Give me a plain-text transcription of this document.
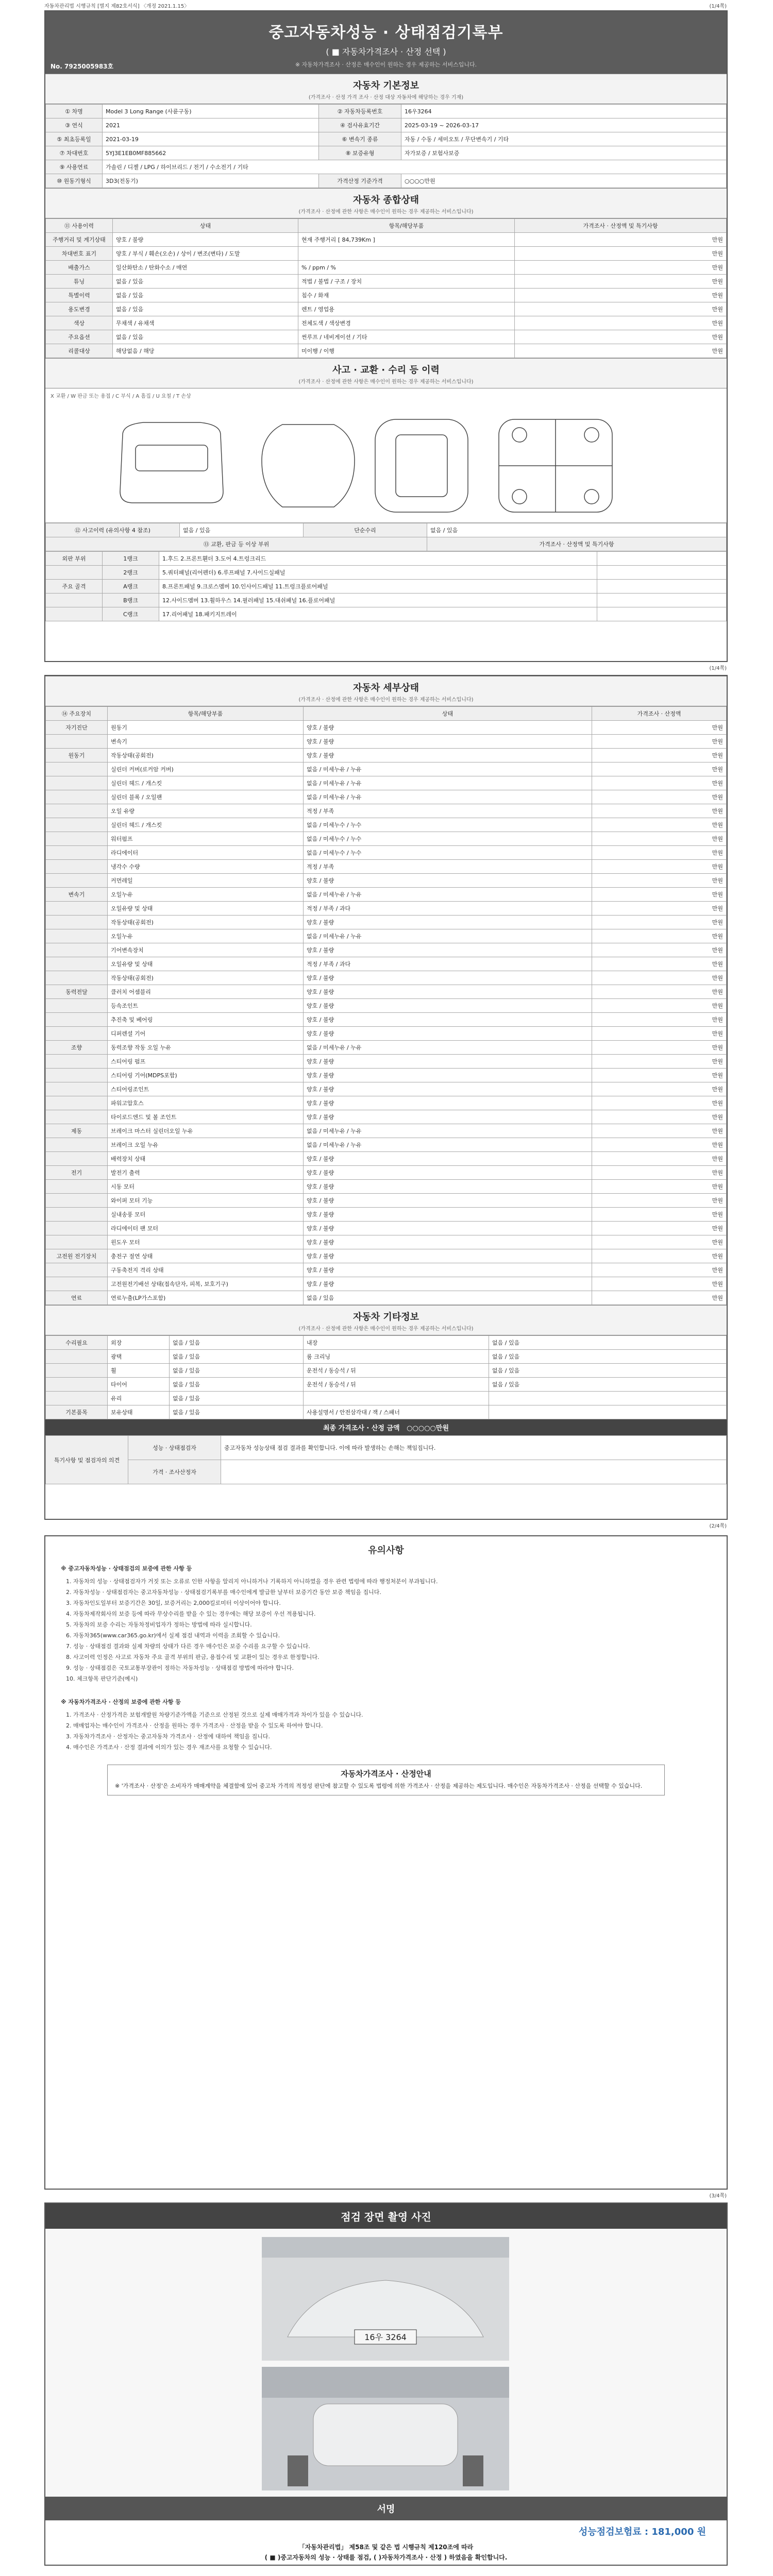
자동차관리법 시행규칙 [별지 제82호서식] 〈개정 2021.1.15〉	(1/4쪽)
중고자동차성능 · 상태점검기록부
( ■ 자동차가격조사 · 산정 선택 )
※ 자동차가격조사 · 산정은 매수인이 원하는 경우 제공하는 서비스입니다.
No. 7925005983호
자동차 기본정보
(가격조사 · 산정 가격 조사 · 산정 대상 자동차에 해당하는 경우 기재)
① 차명	Model 3 Long Range (사륜구동)	② 자동차등록번호	16우3264
③ 연식	2021	④ 검사유효기간	2025-03-19 ~ 2026-03-17
⑤ 최초등록일	2021-03-19	⑥ 변속기 종류	자동 / 수동 / 세미오토 / 무단변속기 / 기타
⑦ 차대번호	5YJ3E1EB0MF885662	⑧ 보증유형	자가보증 / 보험사보증
⑨ 사용연료	가솔린 / 디젤 / LPG / 하이브리드 / 전기 / 수소전기 / 기타		
⑩ 원동기형식	3D3(전동기)	가격산정 기준가격	○○○○만원
자동차 종합상태
(가격조사 · 산정에 관한 사항은 매수인이 원하는 경우 제공하는 서비스입니다)
⑪ 사용이력	상태	항목/해당부품	가격조사 · 산정액 및 특기사항
주행거리 및 계기상태	양호 / 불량	현재 주행거리 [ 84,739Km ]	만원
차대번호 표기	양호 / 부식 / 훼손(오손) / 상이 / 변조(변타) / 도말		만원
배출가스	일산화탄소 / 탄화수소 / 매연	% / ppm / %	만원
튜닝	없음 / 있음	적법 / 불법 / 구조 / 장치	만원
특별이력	없음 / 있음	침수 / 화재	만원
용도변경	없음 / 있음	렌트 / 영업용	만원
색상	무채색 / 유채색	전체도색 / 색상변경	만원
주요옵션	없음 / 있음	썬루프 / 네비게이션 / 기타	만원
리콜대상	해당없음 / 해당	미이행 / 이행	만원
사고 · 교환 · 수리 등 이력
(가격조사 · 산정에 관한 사항은 매수인이 원하는 경우 제공하는 서비스입니다)
X 교환 / W 판금 또는 용접 / C 부식 / A 흠집 / U 요철 / T 손상
⑫ 사고이력 (유의사항 4 참조)	없음 / 있음	단순수리	없음 / 있음
⑬ 교환, 판금 등 이상 부위			가격조사 · 산정액 및 특기사항
외판 부위	1랭크	1.후드 2.프론트휀더 3.도어 4.트렁크리드	
	2랭크	5.쿼터패널(리어펜더) 6.루프패널 7.사이드실패널	
주요 골격	A랭크	8.프론트패널 9.크로스멤버 10.인사이드패널 11.트렁크플로어패널	
	B랭크	12.사이드멤버 13.휠하우스 14.필러패널 15.대쉬패널 16.플로어패널	
	C랭크	17.리어패널 18.패키지트레이	
(1/4쪽)
자동차 세부상태
(가격조사 · 산정에 관한 사항은 매수인이 원하는 경우 제공하는 서비스입니다)
⑭ 주요장치	항목/해당부품	상태	가격조사 · 산정액
자기진단	원동기	양호 / 불량	만원
	변속기	양호 / 불량	만원
원동기	작동상태(공회전)	양호 / 불량	만원
	실린더 커버(로커암 커버)	없음 / 미세누유 / 누유	만원
	실린더 헤드 / 개스킷	없음 / 미세누유 / 누유	만원
	실린더 블록 / 오일팬	없음 / 미세누유 / 누유	만원
	오일 유량	적정 / 부족	만원
	실린더 헤드 / 개스킷	없음 / 미세누수 / 누수	만원
	워터펌프	없음 / 미세누수 / 누수	만원
	라디에이터	없음 / 미세누수 / 누수	만원
	냉각수 수량	적정 / 부족	만원
	커먼레일	양호 / 불량	만원
변속기	오일누유	없음 / 미세누유 / 누유	만원
	오일유량 및 상태	적정 / 부족 / 과다	만원
	작동상태(공회전)	양호 / 불량	만원
	오일누유	없음 / 미세누유 / 누유	만원
	기어변속장치	양호 / 불량	만원
	오일유량 및 상태	적정 / 부족 / 과다	만원
	작동상태(공회전)	양호 / 불량	만원
동력전달	클러치 어셈블리	양호 / 불량	만원
	등속조인트	양호 / 불량	만원
	추진축 및 베어링	양호 / 불량	만원
	디퍼렌셜 기어	양호 / 불량	만원
조향	동력조향 작동 오일 누유	없음 / 미세누유 / 누유	만원
	스티어링 펌프	양호 / 불량	만원
	스티어링 기어(MDPS포함)	양호 / 불량	만원
	스티어링조인트	양호 / 불량	만원
	파워고압호스	양호 / 불량	만원
	타이로드엔드 및 볼 조인트	양호 / 불량	만원
제동	브레이크 마스터 실린더오일 누유	없음 / 미세누유 / 누유	만원
	브레이크 오일 누유	없음 / 미세누유 / 누유	만원
	배력장치 상태	양호 / 불량	만원
전기	발전기 출력	양호 / 불량	만원
	시동 모터	양호 / 불량	만원
	와이퍼 모터 기능	양호 / 불량	만원
	실내송풍 모터	양호 / 불량	만원
	라디에이터 팬 모터	양호 / 불량	만원
	윈도우 모터	양호 / 불량	만원
고전원 전기장치	충전구 절연 상태	양호 / 불량	만원
	구동축전지 격리 상태	양호 / 불량	만원
	고전원전기배선 상태(접속단자, 피복, 보호기구)	양호 / 불량	만원
연료	연료누출(LP가스포함)	없음 / 있음	만원
자동차 기타정보
(가격조사 · 산정에 관한 사항은 매수인이 원하는 경우 제공하는 서비스입니다)
수리필요	외장	없음 / 있음	내장	없음 / 있음
	광택	없음 / 있음	룸 크리닝	없음 / 있음
	휠	없음 / 있음	운전석 / 동승석 / 뒤	없음 / 있음
	타이어	없음 / 있음	운전석 / 동승석 / 뒤	없음 / 있음
	유리	없음 / 있음		
기본품목	보유상태	없음 / 있음	사용설명서 / 안전삼각대 / 잭 / 스패너	
최종 가격조사 · 산정 금액 ○○○○○만원
특기사항 및 점검자의 의견	성능 · 상태점검자	중고자동차 성능상태 점검 결과를 확인합니다. 이에 따라 발생하는 손해는 책임집니다.
	가격 · 조사산정자	
(2/4쪽)
유의사항
※ 중고자동차성능 · 상태점검의 보증에 관한 사항 등

1. 자동차의 성능 · 상태점검자가 거짓 또는 오류로 인한 사항을 알리지 아니하거나 기록하지 아니하였을 경우 관련 법령에 따라 행정처분이 부과됩니다.

2. 자동차성능 · 상태점검자는 중고자동차성능 · 상태점검기록부를 매수인에게 발급한 날부터 보증기간 동안 보증 책임을 집니다.

3. 자동차인도일부터 보증기간은 30일, 보증거리는 2,000킬로미터 이상이어야 합니다.

4. 자동차제작회사의 보증 등에 따라 무상수리를 받을 수 있는 경우에는 해당 보증이 우선 적용됩니다.

5. 자동차의 보증 수리는 자동차정비업자가 정하는 방법에 따라 실시합니다.

6. 자동차365(www.car365.go.kr)에서 실제 점검 내역과 이력을 조회할 수 있습니다.

7. 성능 · 상태점검 결과와 실제 차량의 상태가 다른 경우 매수인은 보증 수리를 요구할 수 있습니다.

8. 사고이력 인정은 사고로 자동차 주요 골격 부위의 판금, 용접수리 및 교환이 있는 경우로 한정합니다.

9. 성능 · 상태점검은 국토교통부장관이 정하는 자동차성능 · 상태점검 방법에 따라야 합니다.

10. 체크항목 판단기준(예시)

※ 자동차가격조사 · 산정의 보증에 관한 사항 등

1. 가격조사 · 산정가격은 보험개발원 차량기준가액을 기준으로 산정된 것으로 실제 매매가격과 차이가 있을 수 있습니다.

2. 매매업자는 매수인이 가격조사 · 산정을 원하는 경우 가격조사 · 산정을 받을 수 있도록 하여야 합니다.

3. 자동차가격조사 · 산정자는 중고자동차 가격조사 · 산정에 대하여 책임을 집니다.

4. 매수인은 가격조사 · 산정 결과에 이의가 있는 경우 재조사를 요청할 수 있습니다.

자동차가격조사 · 산정안내
※ '가격조사 · 산정'은 소비자가 매매계약을 체결함에 있어 중고차 가격의 적정성 판단에 참고할 수 있도록 법령에 의한 가격조사 · 산정을 제공하는 제도입니다. 매수인은 자동차가격조사 · 산정을 선택할 수 있습니다.
(3/4쪽)
점검 장면 촬영 사진
16우 3264
서명
성능점검보험료 : 181,000 원
「자동차관리법」 제58조 및 같은 법 시행규칙 제120조에 따라
( ■ )중고자동차의 성능 · 상태를 점검, ( )자동차가격조사 · 산정 ) 하였음을 확인합니다.
